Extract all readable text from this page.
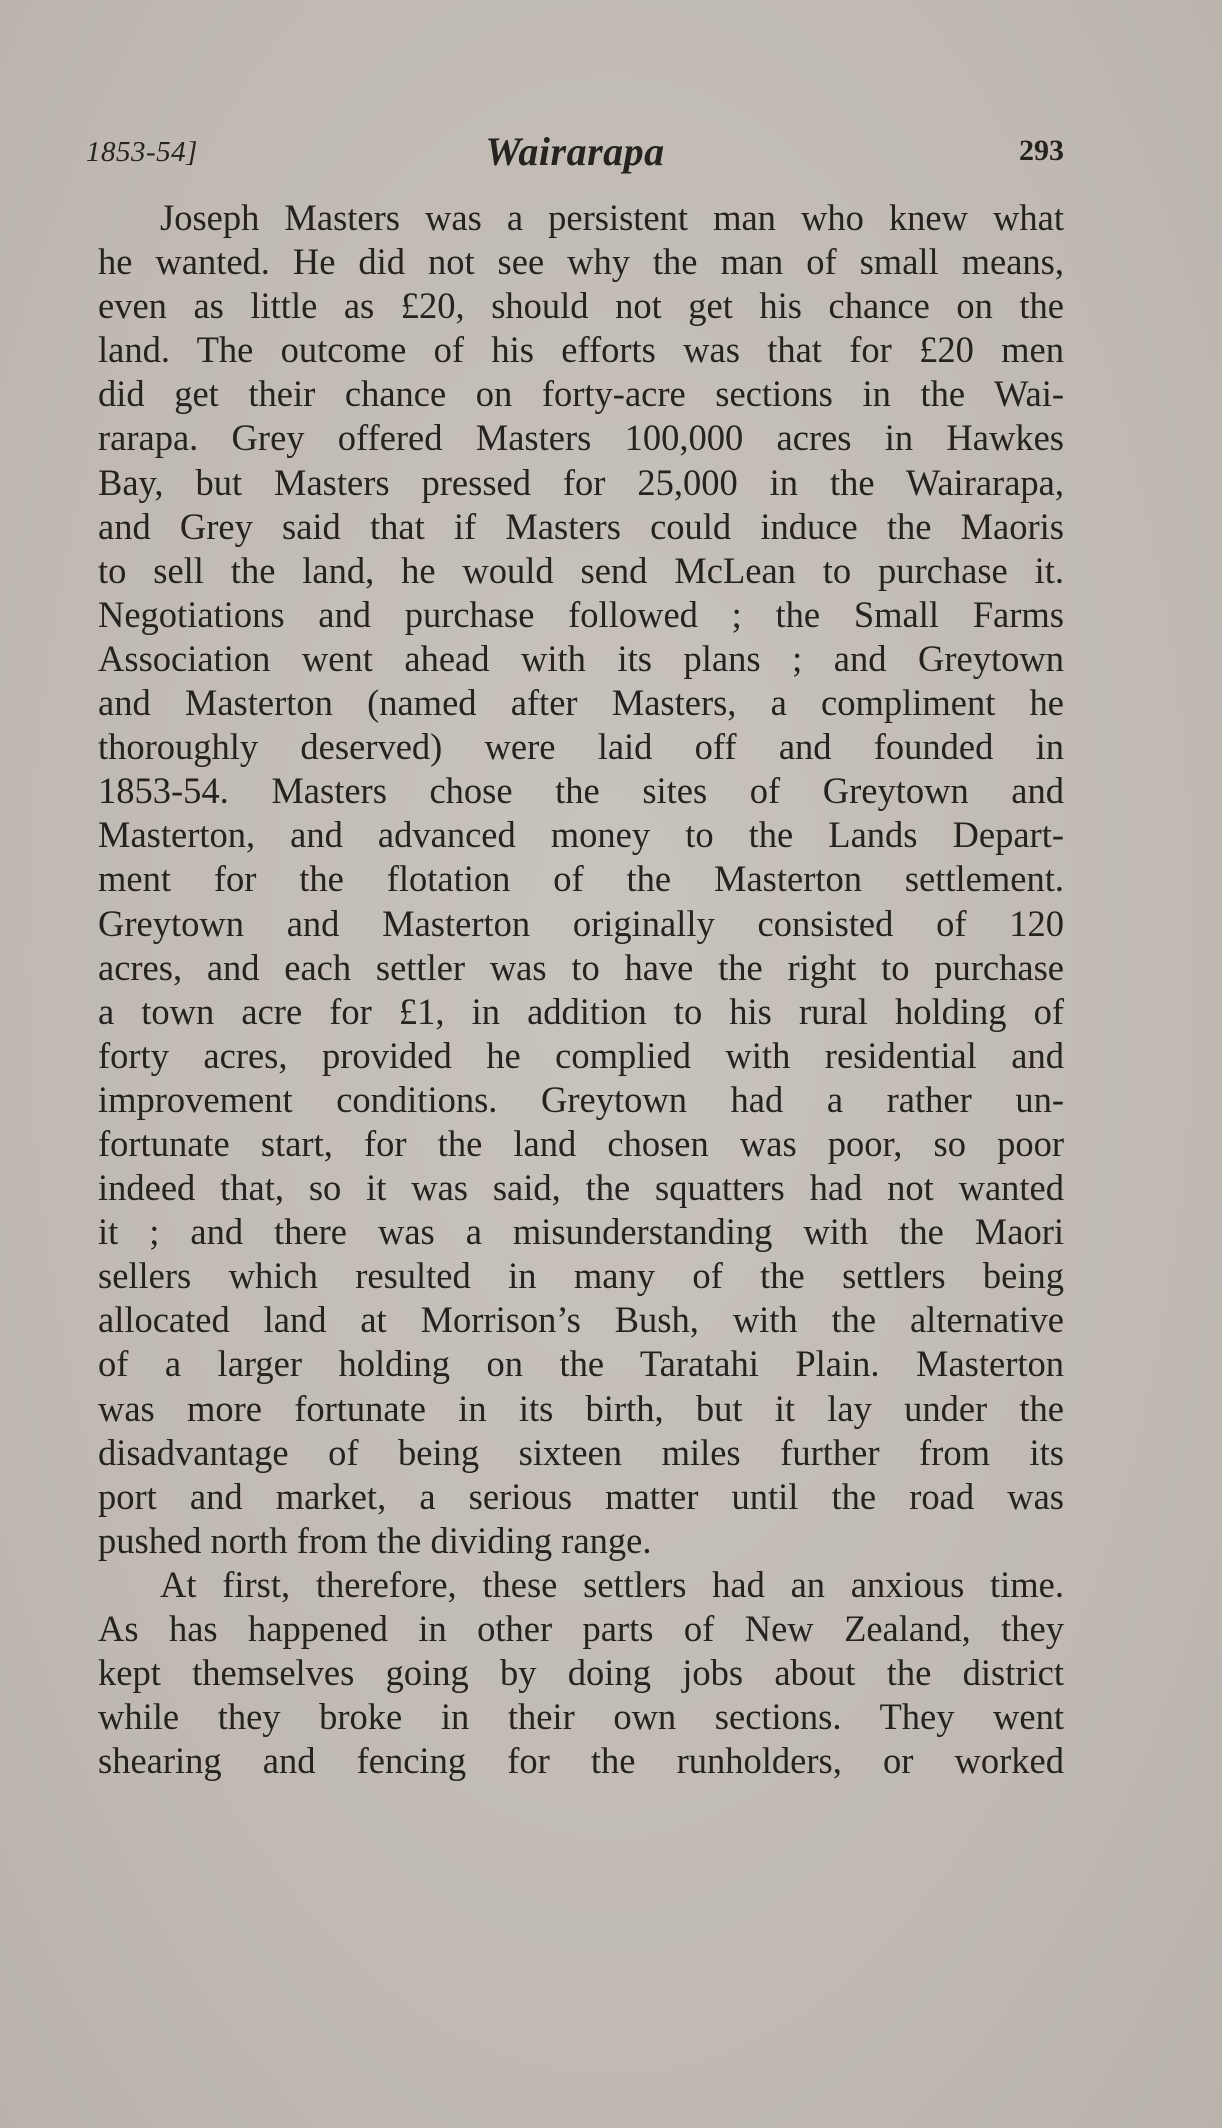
1853-54]	Wairarapa	293
Joseph Masters was a persistent man who knew what
he wanted. He did not see why the man of small means,
even as little as £20, should not get his chance on the
land. The outcome of his efforts was that for £20 men
did get their chance on forty-acre sections in the Wai-
rarapa. Grey offered Masters 100,000 acres in Hawkes
Bay, but Masters pressed for 25,000 in the Wairarapa,
and Grey said that if Masters could induce the Maoris
to sell the land, he would send McLean to purchase it.
Negotiations and purchase followed ; the Small Farms
Association went ahead with its plans ; and Greytown
and Masterton (named after Masters, a compliment he
thoroughly deserved) were laid off and founded in
1853-54. Masters chose the sites of Greytown and
Masterton, and advanced money to the Lands Depart-
ment for the flotation of the Masterton settlement.
Greytown and Masterton originally consisted of 120
acres, and each settler was to have the right to purchase
a town acre for £1, in addition to his rural holding of
forty acres, provided he complied with residential and
improvement conditions. Greytown had a rather un-
fortunate start, for the land chosen was poor, so poor
indeed that, so it was said, the squatters had not wanted
it ; and there was a misunderstanding with the Maori
sellers which resulted in many of the settlers being
allocated land at Morrison’s Bush, with the alternative
of a larger holding on the Taratahi Plain. Masterton
was more fortunate in its birth, but it lay under the
disadvantage of being sixteen miles further from its
port and market, a serious matter until the road was
pushed north from the dividing range.
At first, therefore, these settlers had an anxious time.
As has happened in other parts of New Zealand, they
kept themselves going by doing jobs about the district
while they broke in their own sections. They went
shearing and fencing for the runholders, or worked
